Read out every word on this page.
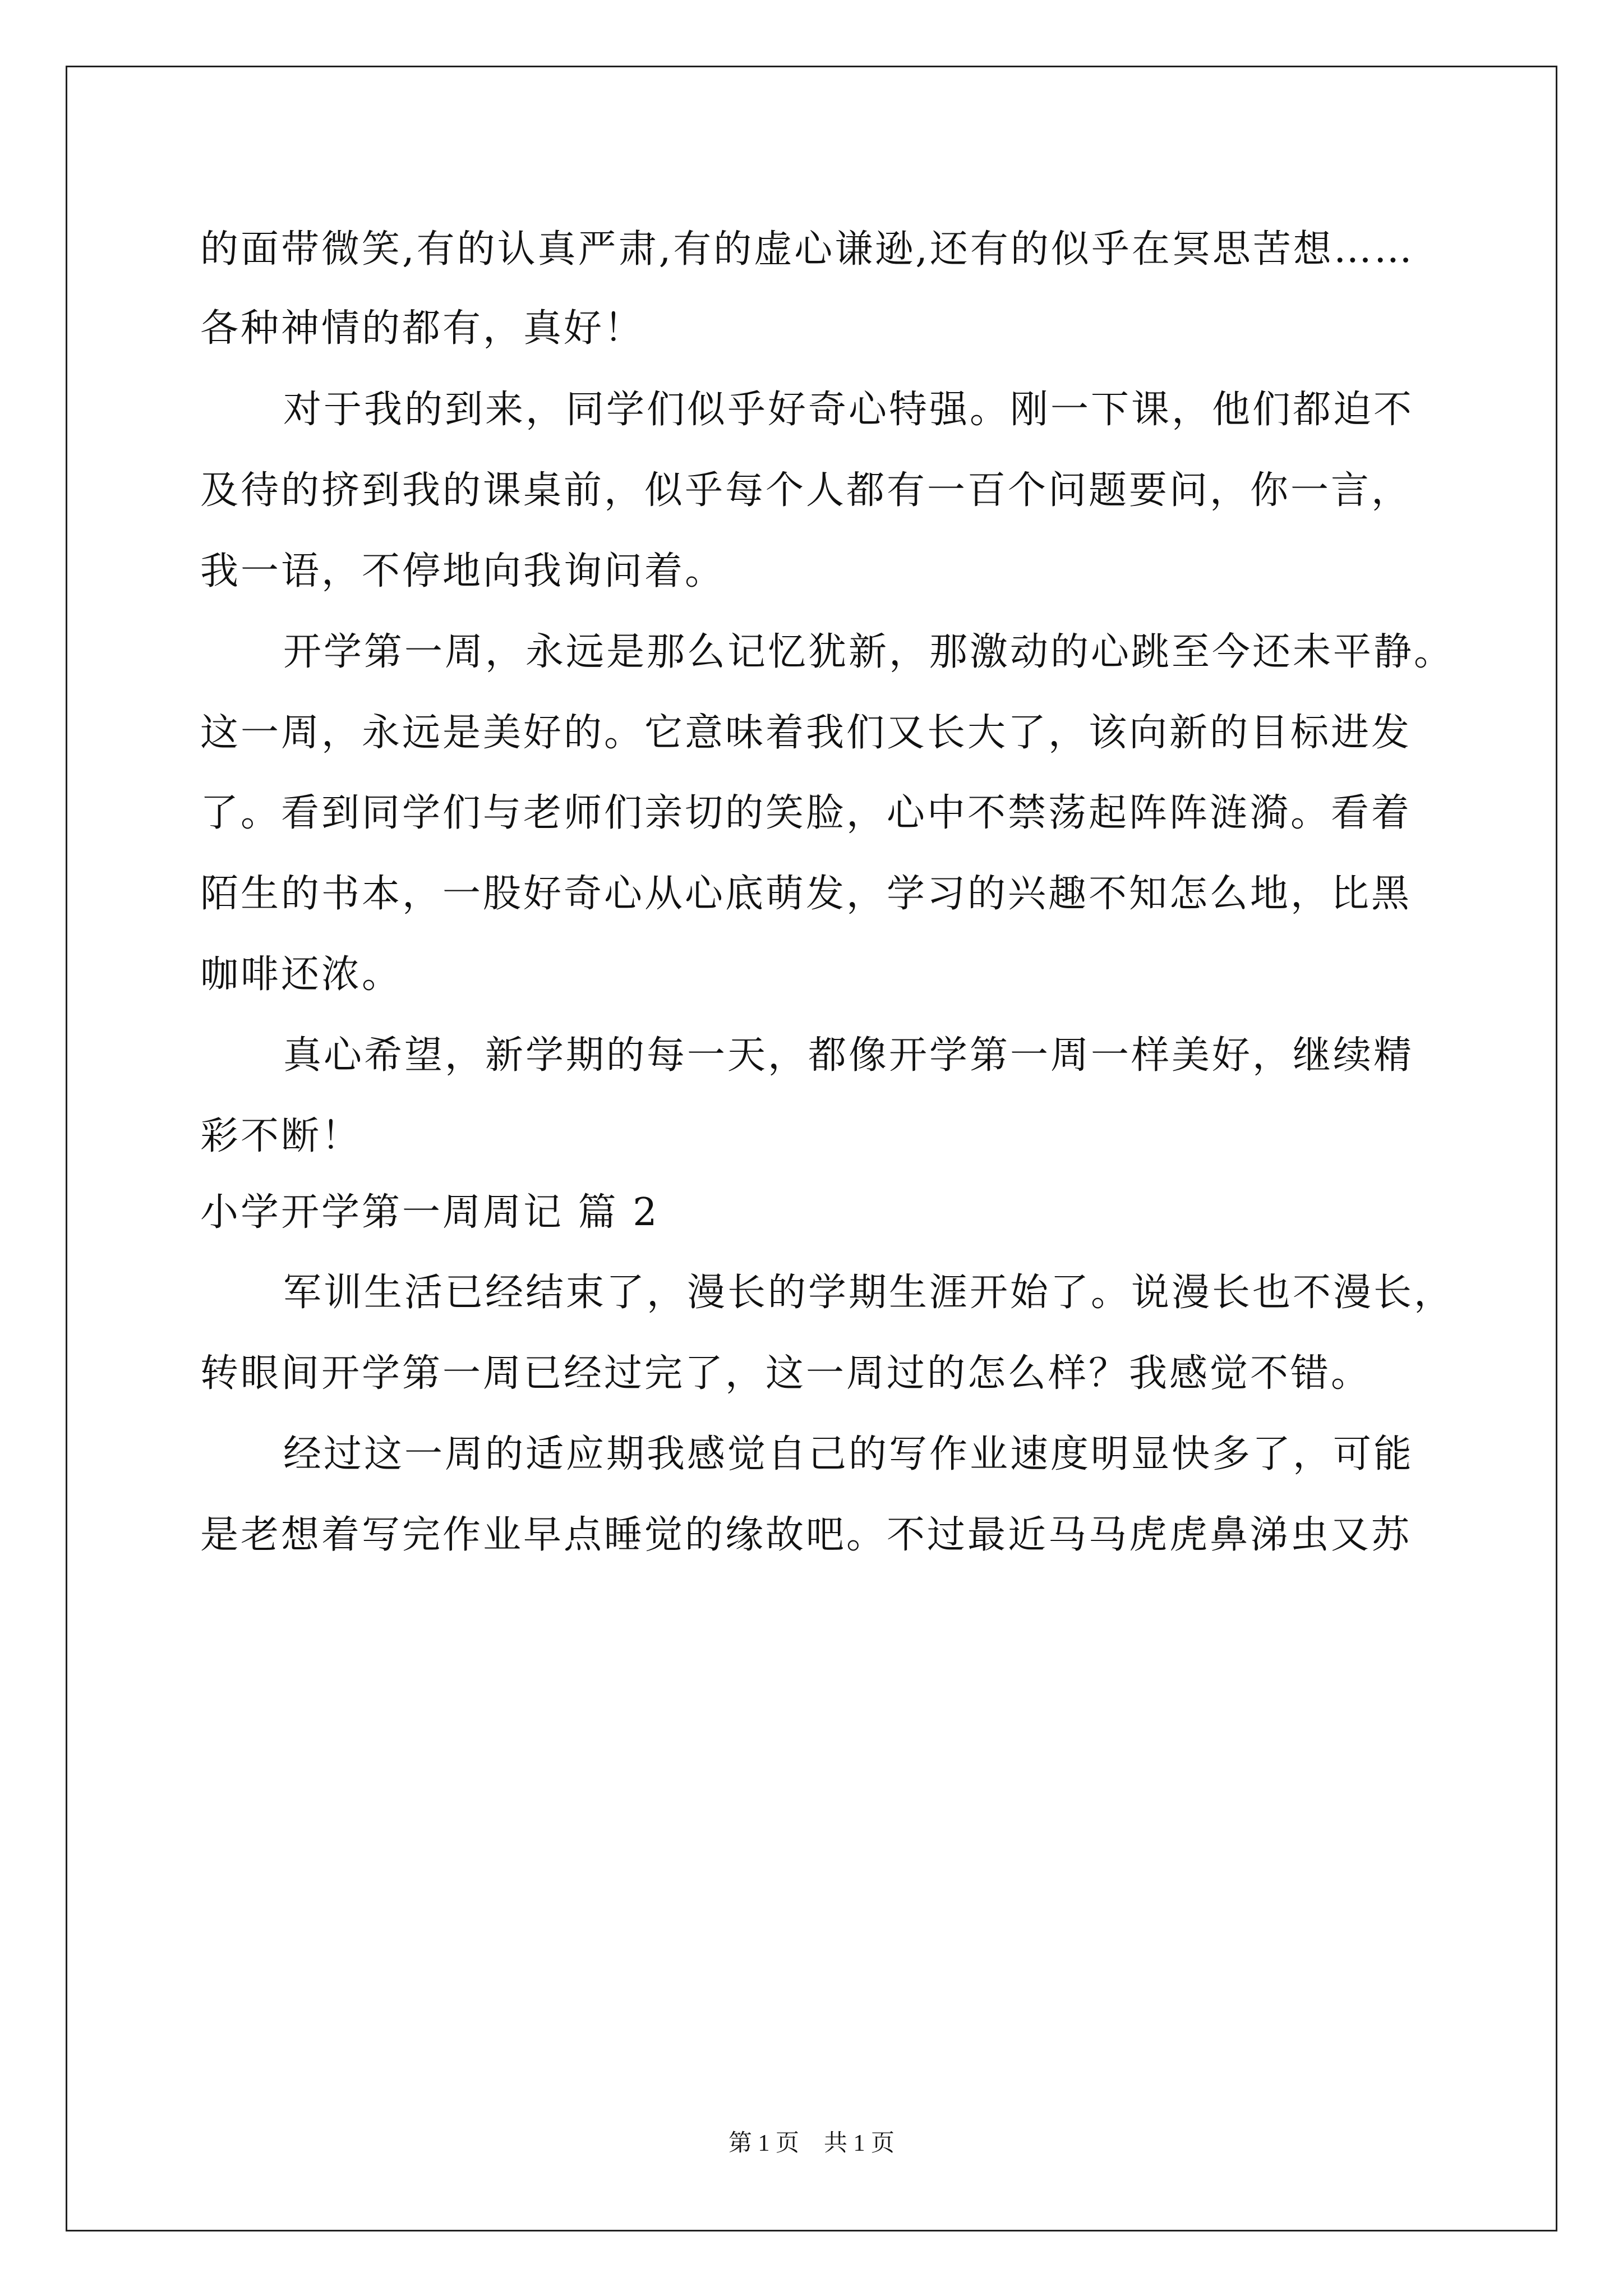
的面带微笑,有的认真严肃,有的虚心谦逊,还有的似乎在冥思苦想……
各种神情的都有，真好！
对于我的到来，同学们似乎好奇心特强。刚一下课，他们都迫不
及待的挤到我的课桌前，似乎每个人都有一百个问题要问，你一言，
我一语，不停地向我询问着。
开学第一周，永远是那么记忆犹新，那激动的心跳至今还未平静。
这一周，永远是美好的。它意味着我们又长大了，该向新的目标进发
了。看到同学们与老师们亲切的笑脸，心中不禁荡起阵阵涟漪。看着
陌生的书本，一股好奇心从心底萌发，学习的兴趣不知怎么地，比黑
咖啡还浓。
真心希望，新学期的每一天，都像开学第一周一样美好，继续精
彩不断！
小学开学第一周周记 篇 2
军训生活已经结束了，漫长的学期生涯开始了。说漫长也不漫长，
转眼间开学第一周已经过完了，这一周过的怎么样？我感觉不错。
经过这一周的适应期我感觉自己的写作业速度明显快多了，可能
是老想着写完作业早点睡觉的缘故吧。不过最近马马虎虎鼻涕虫又苏
第 1 页 共 1 页
